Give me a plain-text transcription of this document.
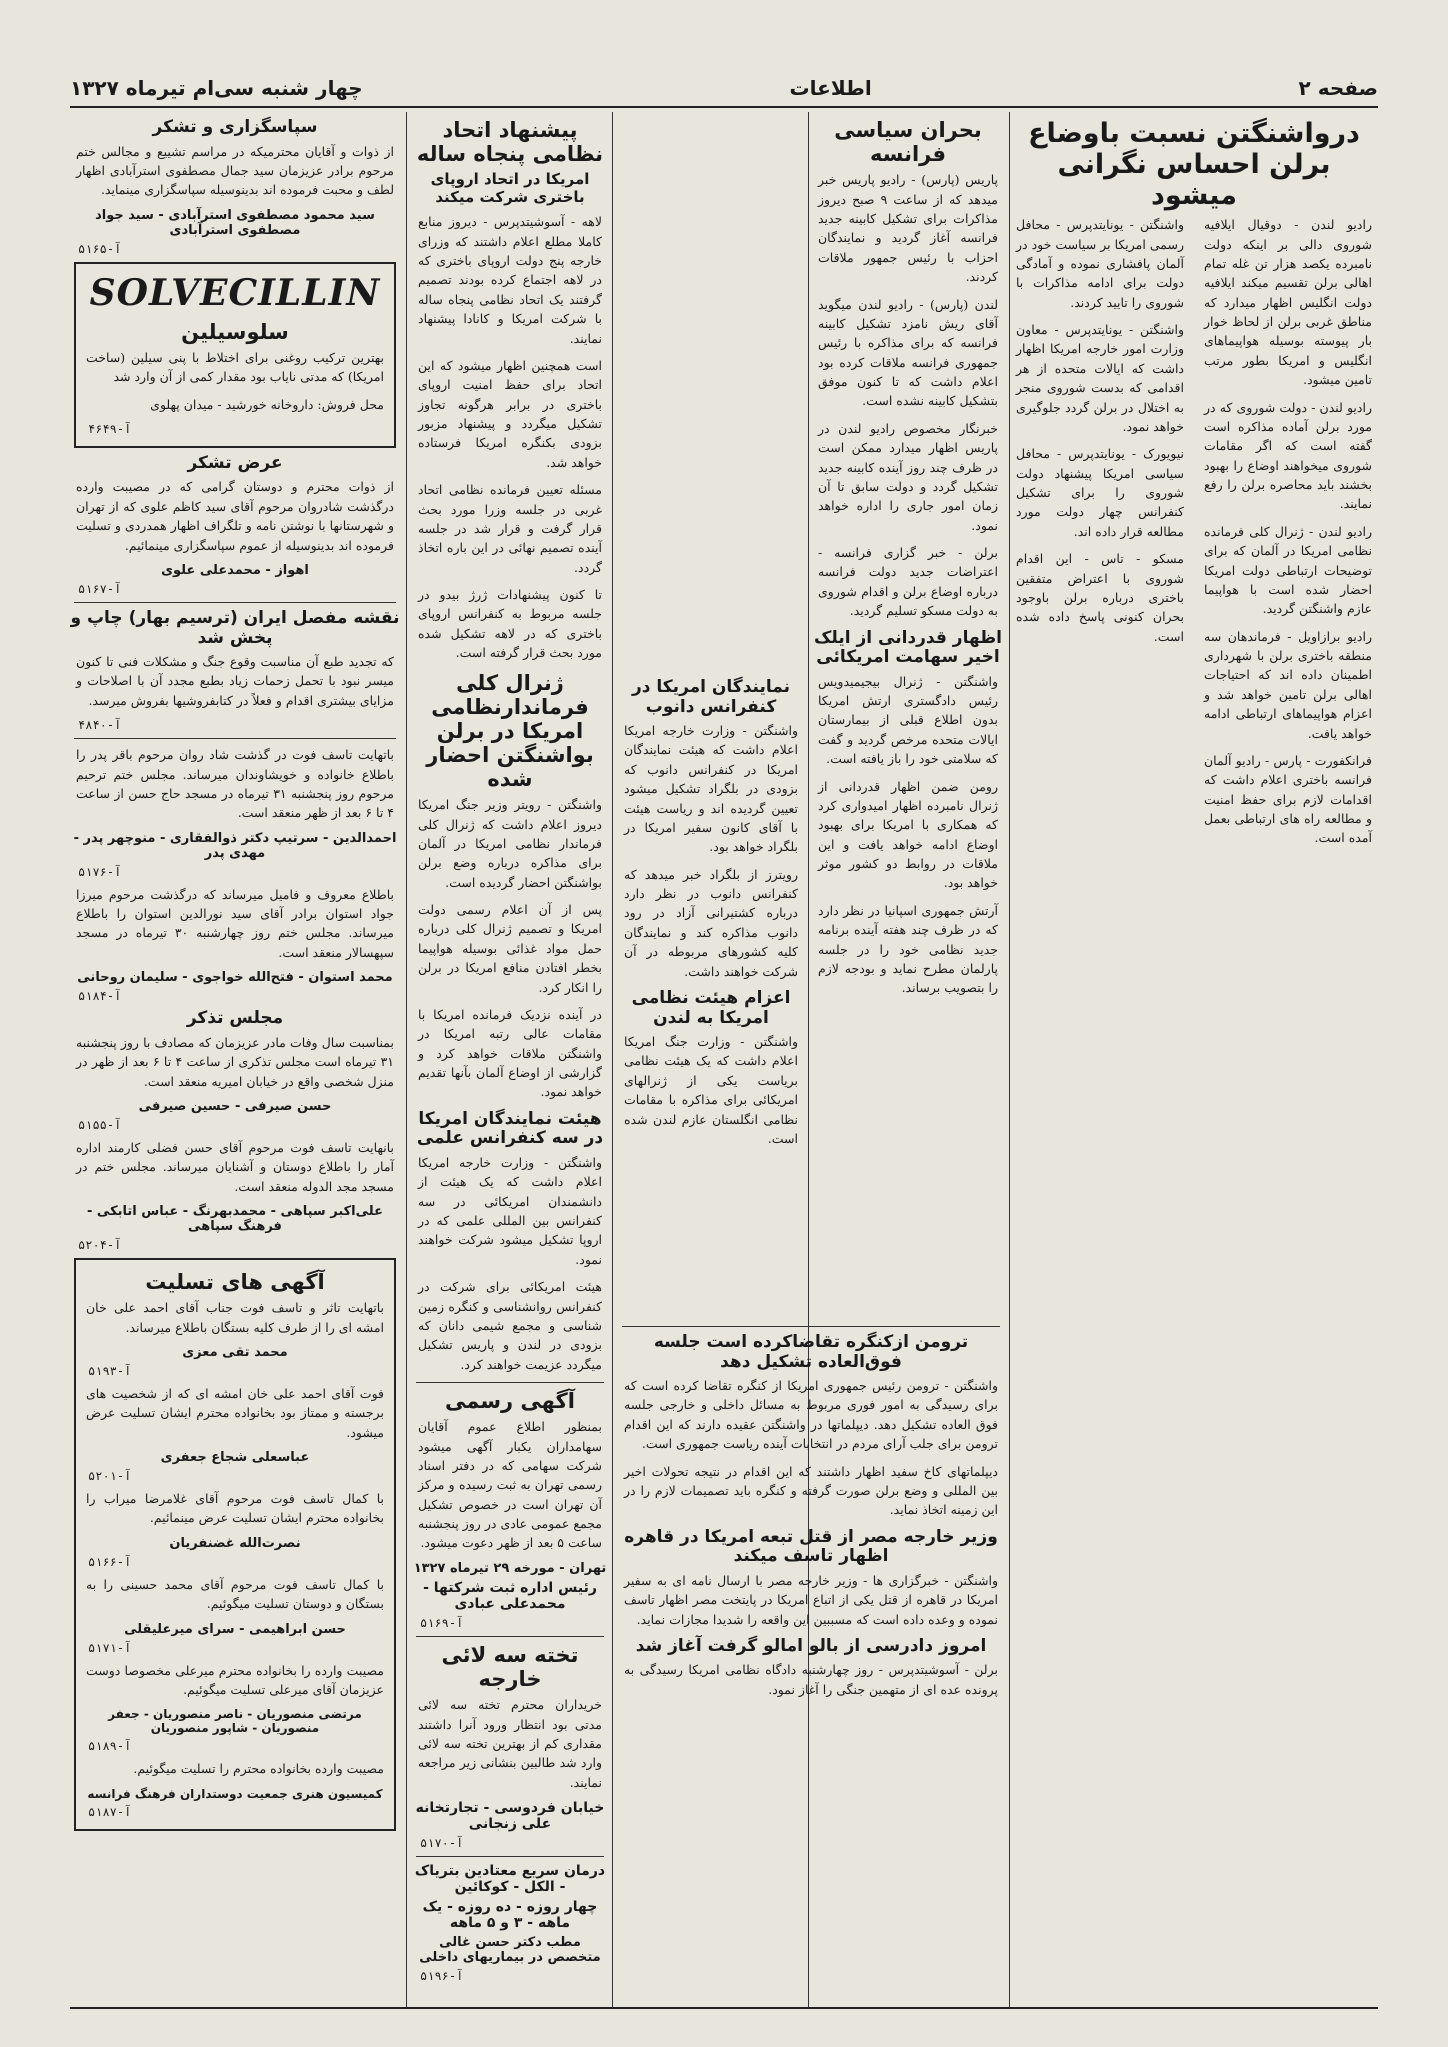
صفحه ۲
اطلاعات
چهار شنبه سی‌ام تیرماه ۱۳۲۷
درواشنگتن نسبت باوضاع برلن احساس نگرانی میشود

رادیو لندن - دوقیال ایلافیه شوروی دالی بر اینکه دولت نامبرده یکصد هزار تن غله تمام اهالی برلن تقسیم میکند ایلافیه دولت انگلیس اظهار میدارد که مناطق غربی برلن از لحاظ خوار بار پیوسته بوسیله هواپیماهای انگلیس و امریکا بطور مرتب تامین میشود.

رادیو لندن - دولت شوروی که در مورد برلن آماده مذاکره است گفته است که اگر مقامات شوروی میخواهند اوضاع را بهبود بخشند باید محاصره برلن را رفع نمایند.

رادیو لندن - ژنرال کلی فرمانده نظامی امریکا در آلمان که برای توضیحات ارتباطی دولت امریکا احضار شده است با هواپیما عازم واشنگتن گردید.

رادیو برازاویل - فرماندهان سه منطقه باختری برلن با شهرداری اطمینان داده اند که احتیاجات اهالی برلن تامین خواهد شد و اعزام هواپیماهای ارتباطی ادامه خواهد یافت.

فرانکفورت - پارس - رادیو آلمان فرانسه باختری اعلام داشت که اقدامات لازم برای حفظ امنیت و مطالعه راه های ارتباطی بعمل آمده است.

واشنگتن - یونایتدپرس - محافل رسمی امریکا بر سیاست خود در آلمان پافشاری نموده و آمادگی دولت برای ادامه مذاکرات با شوروی را تایید کردند.

واشنگتن - یونایتدپرس - معاون وزارت امور خارجه امریکا اظهار داشت که ایالات متحده از هر اقدامی که بدست شوروی منجر به اختلال در برلن گردد جلوگیری خواهد نمود.

نیویورک - یونایتدپرس - محافل سیاسی امریکا پیشنهاد دولت شوروی را برای تشکیل کنفرانس چهار دولت مورد مطالعه قرار داده اند.

مسکو - تاس - این اقدام شوروی با اعتراض متفقین باختری درباره برلن باوجود بحران کنونی پاسخ داده شده است.

بحران سیاسی فرانسه

پاریس (پارس) - رادیو پاریس خبر میدهد که از ساعت ۹ صبح دیروز مذاکرات برای تشکیل کابینه جدید فرانسه آغاز گردید و نمایندگان احزاب با رئیس جمهور ملاقات کردند.

لندن (پارس) - رادیو لندن میگوید آقای ریش نامزد تشکیل کابینه فرانسه که برای مذاکره با رئیس جمهوری فرانسه ملاقات کرده بود اعلام داشت که تا کنون موفق بتشکیل کابینه نشده است.

خبرنگار مخصوص رادیو لندن در پاریس اظهار میدارد ممکن است در ظرف چند روز آینده کابینه جدید تشکیل گردد و دولت سابق تا آن زمان امور جاری را اداره خواهد نمود.

برلن - خبر گزاری فرانسه - اعتراضات جدید دولت فرانسه درباره اوضاع برلن و اقدام شوروی به دولت مسکو تسلیم گردید.

اظهار قدردانی از ایلک اخیر سهامت امریکائی

واشنگتن - ژنرال بیجیمیدویس رئیس دادگستری ارتش امریکا بدون اطلاع قبلی از بیمارستان ایالات متحده مرخص گردید و گفت که سلامتی خود را باز یافته است.

رومن ضمن اظهار قدردانی از ژنرال نامبرده اظهار امیدواری کرد که همکاری با امریکا برای بهبود اوضاع ادامه خواهد یافت و این ملاقات در روابط دو کشور موثر خواهد بود.

آرتش جمهوری اسپانیا در نظر دارد که در ظرف چند هفته آینده برنامه جدید نظامی خود را در جلسه پارلمان مطرح نماید و بودجه لازم را بتصویب برساند.

نمایندگان امریکا در کنفرانس دانوب

واشنگتن - وزارت خارجه امریکا اعلام داشت که هیئت نمایندگان امریکا در کنفرانس دانوب که بزودی در بلگراد تشکیل میشود تعیین گردیده اند و ریاست هیئت با آقای کانون سفیر امریکا در بلگراد خواهد بود.

رویترز از بلگراد خبر میدهد که کنفرانس دانوب در نظر دارد درباره کشتیرانی آزاد در رود دانوب مذاکره کند و نمایندگان کلیه کشورهای مربوطه در آن شرکت خواهند داشت.

اعزام هیئت نظامی امریکا به لندن

واشنگتن - وزارت جنگ امریکا اعلام داشت که یک هیئت نظامی بریاست یکی از ژنرالهای امریکائی برای مذاکره با مقامات نظامی انگلستان عازم لندن شده است.

ترومن ازکنگره تقاضاکرده است جلسه فوق‌العاده تشکیل دهد

واشنگتن - ترومن رئیس جمهوری امریکا از کنگره تقاضا کرده است که برای رسیدگی به امور فوری مربوط به مسائل داخلی و خارجی جلسه فوق العاده تشکیل دهد. دیپلماتها در واشنگتن عقیده دارند که این اقدام ترومن برای جلب آرای مردم در انتخابات آینده ریاست جمهوری است.

دیپلماتهای کاخ سفید اظهار داشتند که این اقدام در نتیجه تحولات اخیر بین المللی و وضع برلن صورت گرفته و کنگره باید تصمیمات لازم را در این زمینه اتخاذ نماید.

وزیر خارجه مصر از قتل تبعه امریکا در قاهره اظهار تاسف میکند

واشنگتن - خبرگزاری ها - وزیر خارجه مصر با ارسال نامه ای به سفیر امریکا در قاهره از قتل یکی از اتباع امریکا در پایتخت مصر اظهار تاسف نموده و وعده داده است که مسببین این واقعه را شدیدا مجازات نماید.

امروز دادرسی از بالو امالو گرفت آغاز شد

برلن - آسوشیتدپرس - روز چهارشنبه دادگاه نظامی امریکا رسیدگی به پرونده عده ای از متهمین جنگی را آغاز نمود.

پیشنهاد اتحاد نظامی پنجاه ساله
امریکا در اتحاد اروپای باختری شرکت میکند

لاهه - آسوشیتدپرس - دیروز منابع کاملا مطلع اعلام داشتند که وزرای خارجه پنج دولت اروپای باختری که در لاهه اجتماع کرده بودند تصمیم گرفتند یک اتحاد نظامی پنجاه ساله با شرکت امریکا و کانادا پیشنهاد نمایند.

است همچنین اظهار میشود که این اتحاد برای حفظ امنیت اروپای باختری در برابر هرگونه تجاوز تشکیل میگردد و پیشنهاد مزبور بزودی بکنگره امریکا فرستاده خواهد شد.

مسئله تعیین فرمانده نظامی اتحاد غربی در جلسه وزرا مورد بحث قرار گرفت و قرار شد در جلسه آینده تصمیم نهائی در این باره اتخاذ گردد.

تا کنون پیشنهادات ژرژ بیدو در جلسه مربوط به کنفرانس اروپای باختری که در لاهه تشکیل شده مورد بحث قرار گرفته است.

ژنرال کلی فرماندارنظامی امریکا در برلن بواشنگتن احضار شده

واشنگتن - رویتر وزیر جنگ امریکا دیروز اعلام داشت که ژنرال کلی فرماندار نظامی امریکا در آلمان برای مذاکره درباره وضع برلن بواشنگتن احضار گردیده است.

پس از آن اعلام رسمی دولت امریکا و تصمیم ژنرال کلی درباره حمل مواد غذائی بوسیله هواپیما بخطر افتادن منافع امریکا در برلن را انکار کرد.

در آینده نزدیک فرمانده امریکا با مقامات عالی رتبه امریکا در واشنگتن ملاقات خواهد کرد و گزارشی از اوضاع آلمان بآنها تقدیم خواهد نمود.

هیئت نمایندگان امریکا در سه کنفرانس علمی

واشنگتن - وزارت خارجه امریکا اعلام داشت که یک هیئت از دانشمندان امریکائی در سه کنفرانس بین المللی علمی که در اروپا تشکیل میشود شرکت خواهند نمود.

هیئت امریکائی برای شرکت در کنفرانس روانشناسی و کنگره زمین شناسی و مجمع شیمی دانان که بزودی در لندن و پاریس تشکیل میگردد عزیمت خواهند کرد.

آگهی رسمی

بمنظور اطلاع عموم آقایان سهامداران یکبار آگهی میشود شرکت سهامی که در دفتر اسناد رسمی تهران به ثبت رسیده و مرکز آن تهران است در خصوص تشکیل مجمع عمومی عادی در روز پنجشنبه ساعت ۵ بعد از ظهر دعوت میشود.

تهران - مورخه ۲۹ تیرماه ۱۳۲۷
رئیس اداره ثبت شرکتها - محمدعلی عبادی
آ-۵۱۶۹
تخته سه لائی خارجه

خریداران محترم تخته سه لائی مدتی بود انتظار ورود آنرا داشتند مقداری کم از بهترین تخته سه لائی وارد شد طالبین بنشانی زیر مراجعه نمایند.

خیابان فردوسی - تجارتخانه علی زنجانی
آ-۵۱۷۰
درمان سریع معتادین بتریاک - الکل - کوکائین
چهار روزه - ده روزه - یک ماهه - ۳ و ۵ ماهه
مطب دکتر حسن غالی متخصص در بیماریهای داخلی
آ-۵۱۹۶
سپاسگزاری و تشکر

از ذوات و آقایان محترمیکه در مراسم تشییع و مجالس ختم مرحوم برادر عزیزمان سید جمال مصطفوی استرآبادی اظهار لطف و محبت فرموده اند بدینوسیله سپاسگزاری مینماید.

سید محمود مصطفوی استرآبادی - سید جواد مصطفوی استرآبادی
آ-۵۱۶۵
SOLVECILLIN
سلوسیلین

بهترین ترکیب روغنی برای اختلاط با پنی سیلین (ساخت امریکا) که مدتی نایاب بود مقدار کمی از آن وارد شد

محل فروش: داروخانه خورشید - میدان پهلوی

آ-۴۶۴۹
عرض تشکر

از ذوات محترم و دوستان گرامی که در مصیبت وارده درگذشت شادروان مرحوم آقای سید کاظم علوی که از تهران و شهرستانها با نوشتن نامه و تلگراف اظهار همدردی و تسلیت فرموده اند بدینوسیله از عموم سپاسگزاری مینمائیم.

اهواز - محمدعلی علوی
آ-۵۱۶۷
نقشه مفصل ایران (ترسیم بهار) چاپ و پخش شد

که تجدید طبع آن مناسبت وقوع جنگ و مشکلات فنی تا کنون میسر نبود با تحمل زحمات زیاد بطبع مجدد آن با اصلاحات و مزایای بیشتری اقدام و فعلاً در کتابفروشیها بفروش میرسد.

آ-۴۸۴۰

باتهایت تاسف فوت در گذشت شاد روان مرحوم باقر پدر را باطلاع خانواده و خویشاوندان میرساند. مجلس ختم ترحیم مرحوم روز پنجشنبه ۳۱ تیرماه در مسجد حاج حسن از ساعت ۴ تا ۶ بعد از ظهر منعقد است.

احمدالدین - سرتیپ دکتر ذوالفقاری - منوچهر پدر - مهدی پدر
آ-۵۱۷۶

باطلاع معروف و فامیل میرساند که درگذشت مرحوم میرزا جواد استوان برادر آقای سید نورالدین استوان را باطلاع میرساند. مجلس ختم روز چهارشنبه ۳۰ تیرماه در مسجد سپهسالار منعقد است.

محمد استوان - فتح‌الله خواجوی - سلیمان روحانی
آ-۵۱۸۴
مجلس تذکر

بمناسبت سال وفات مادر عزیزمان که مصادف با روز پنجشنبه ۳۱ تیرماه است مجلس تذکری از ساعت ۴ تا ۶ بعد از ظهر در منزل شخصی واقع در خیابان امیریه منعقد است.

حسن صیرفی - حسین صیرفی
آ-۵۱۵۵

بانهایت تاسف فوت مرحوم آقای حسن فضلی کارمند اداره آمار را باطلاع دوستان و آشنایان میرساند. مجلس ختم در مسجد مجد الدوله منعقد است.

علی‌اکبر سپاهی - محمدبهرنگ - عباس اتابکی - فرهنگ سپاهی
آ-۵۲۰۴
آگهی های تسلیت

باتهایت تاثر و تاسف فوت جناب آقای احمد علی خان امشه ای را از طرف کلیه بستگان باطلاع میرساند.

محمد تقی معزی
آ-۵۱۹۳

فوت آقای احمد علی خان امشه ای که از شخصیت های برجسته و ممتاز بود بخانواده محترم ایشان تسلیت عرض میشود.

عباسعلی شجاع جعفری
آ-۵۲۰۱

با کمال تاسف فوت مرحوم آقای غلامرضا میراب را بخانواده محترم ایشان تسلیت عرض مینمائیم.

نصرت‌الله غضنفریان
آ-۵۱۶۶

با کمال تاسف فوت مرحوم آقای محمد حسینی را به بستگان و دوستان تسلیت میگوئیم.

حسن ابراهیمی - سرای میرعلیقلی
آ-۵۱۷۱

مصیبت وارده را بخانواده محترم میرعلی مخصوصا دوست عزیزمان آقای میرعلی تسلیت میگوئیم.

مرتضی منصوریان - ناصر منصوریان - جعفر منصوریان - شاپور منصوریان
آ-۵۱۸۹

مصیبت وارده بخانواده محترم را تسلیت میگوئیم.

کمیسیون هنری جمعیت دوستداران فرهنگ فرانسه
آ-۵۱۸۷
